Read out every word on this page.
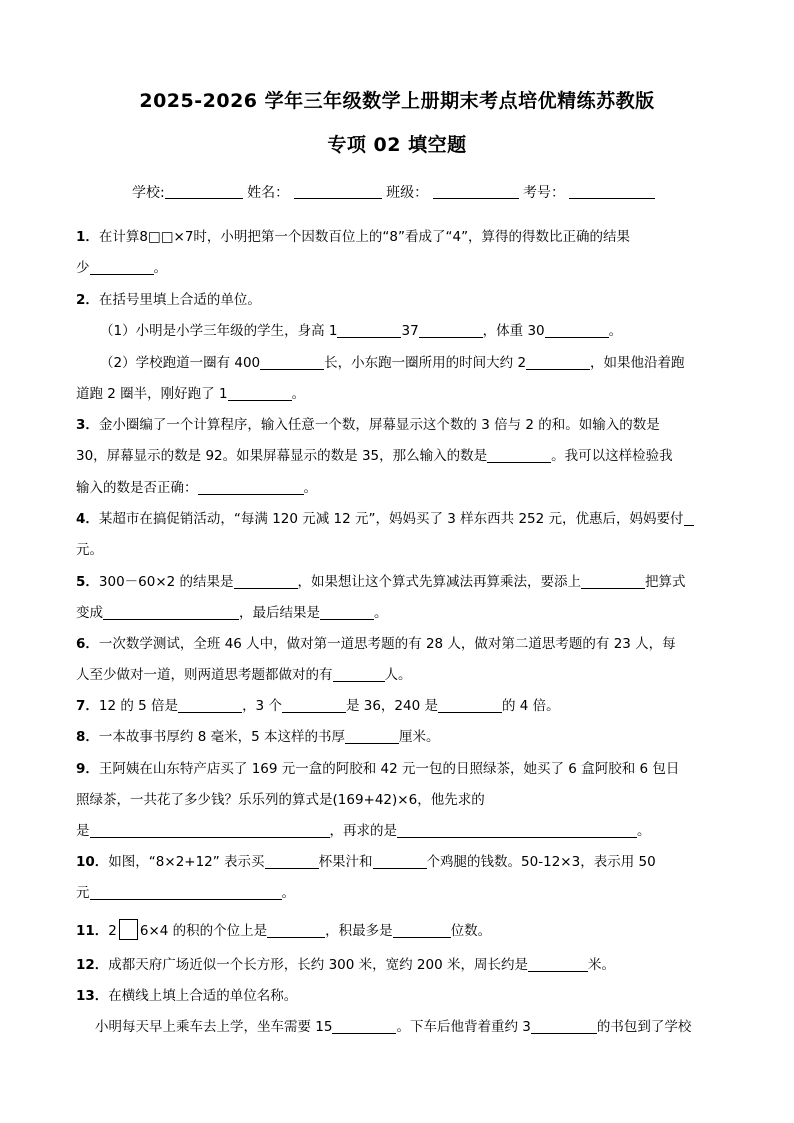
2025-2026 学年三年级数学上册期末考点培优精练苏教版
专项 02 填空题
学校:	姓名：	班级：	考号：
1．在计算8□□×7时，小明把第一个因数百位上的“8”看成了“4”，算得的得数比正确的结果
少	。
2．在括号里填上合适的单位。
（1）小明是小学三年级的学生，身高 1	37	，体重 30	。
（2）学校跑道一圈有 400	长，小东跑一圈所用的时间大约 2	，如果他沿着跑
道跑 2 圈半，刚好跑了 1	。
3．金小圈编了一个计算程序，输入任意一个数，屏幕显示这个数的 3 倍与 2 的和。如输入的数是
30，屏幕显示的数是 92。如果屏幕显示的数是 35，那么输入的数是	。我可以这样检验我
输入的数是否正确：	。
4．某超市在搞促销活动，“每满 120 元减 12 元”，妈妈买了 3 样东西共 252 元，优惠后，妈妈要付
元。
5．300－60×2 的结果是	，如果想让这个算式先算减法再算乘法，要添上	把算式
变成	，最后结果是	。
6．一次数学测试，全班 46 人中，做对第一道思考题的有 28 人，做对第二道思考题的有 23 人，每
人至少做对一道，则两道思考题都做对的有	人。
7．12 的 5 倍是	，3 个	是 36，240 是	的 4 倍。
8．一本故事书厚约 8 毫米，5 本这样的书厚	厘米。
9．王阿姨在山东特产店买了 169 元一盒的阿胶和 42 元一包的日照绿茶，她买了 6 盒阿胶和 6 包日
照绿茶，一共花了多少钱？乐乐列的算式是(169+42)×6，他先求的
是	，再求的是	。
10．如图，“8×2+12” 表示买	杯果汁和	个鸡腿的钱数。50-12×3，表示用 50
元	。
11．2 6×4 的积的个位上是	，积最多是	位数。
12．成都天府广场近似一个长方形，长约 300 米，宽约 200 米，周长约是	米。
13．在横线上填上合适的单位名称。
小明每天早上乘车去上学，坐车需要 15	。下车后他背着重约 3	的书包到了学校
